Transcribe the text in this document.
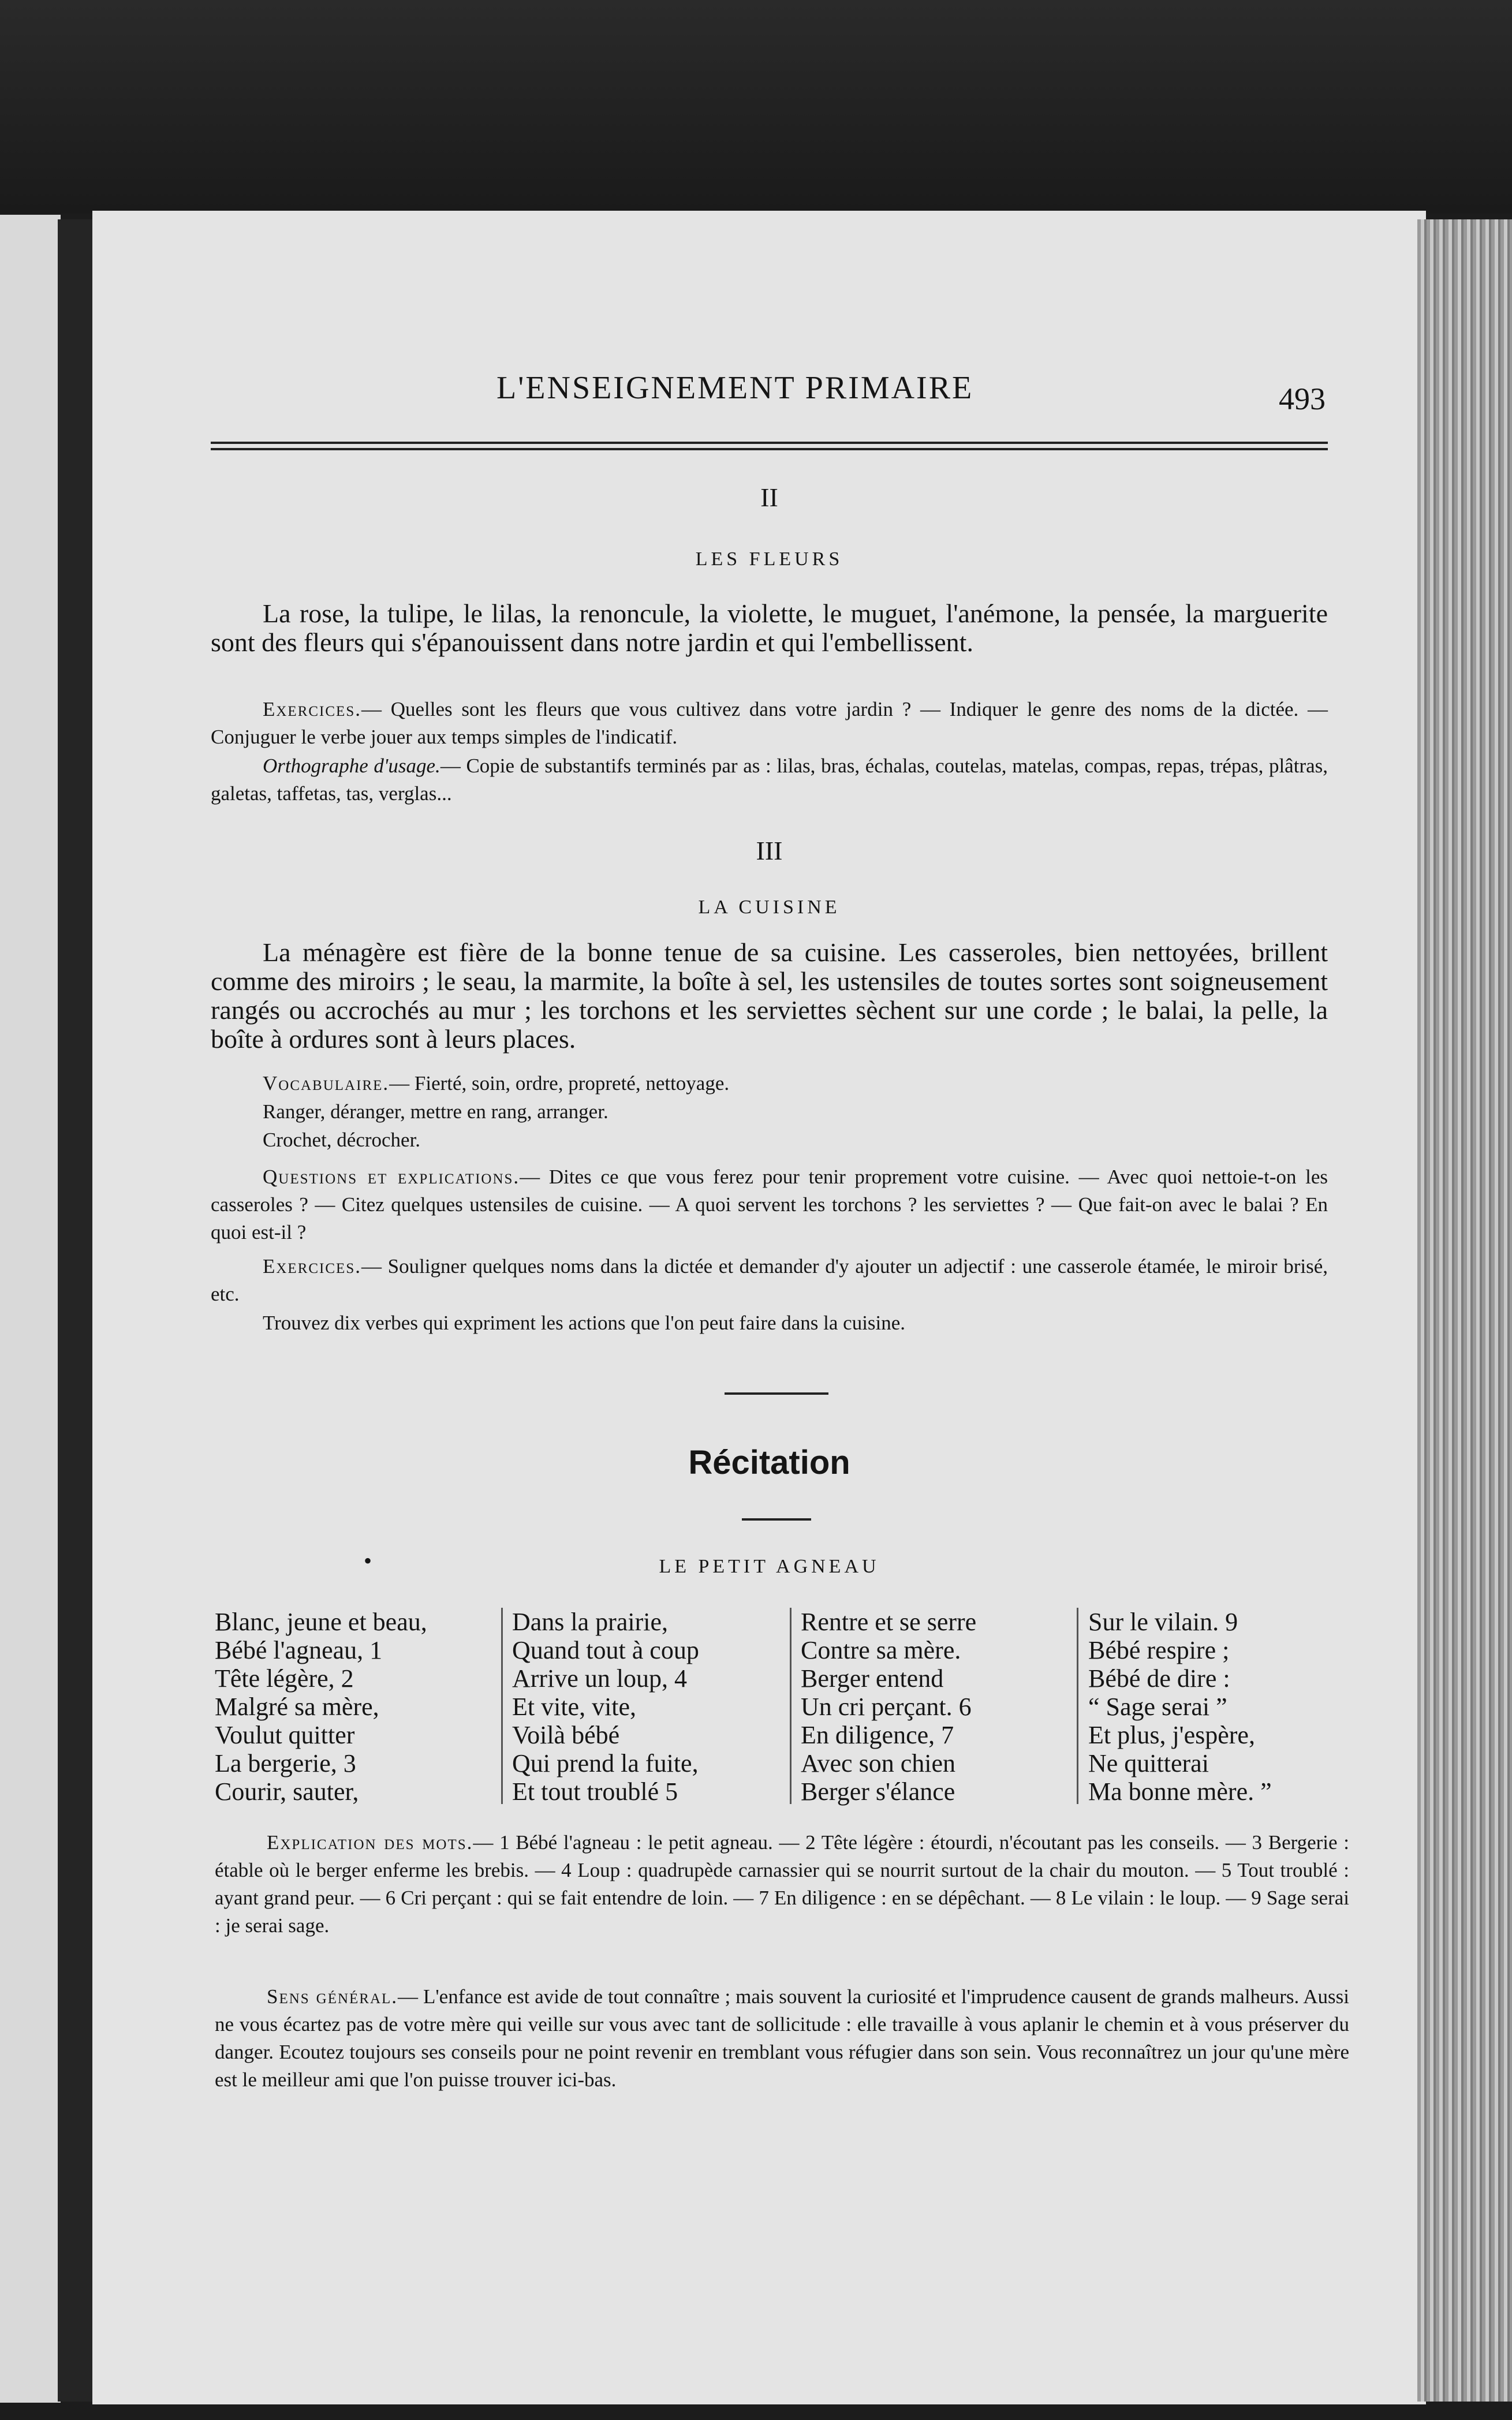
L'ENSEIGNEMENT PRIMAIRE	493
II
LES FLEURS
La rose, la tulipe, le lilas, la renoncule, la violette, le muguet, l'anémone, la pensée, la marguerite sont des fleurs qui s'épanouissent dans notre jardin et qui l'embellissent.
Exercices.— Quelles sont les fleurs que vous cultivez dans votre jardin ? — Indiquer le genre des noms de la dictée. — Conjuguer le verbe jouer aux temps simples de l'indicatif.
Orthographe d'usage.— Copie de substantifs terminés par as : lilas, bras, échalas, coutelas, matelas, compas, repas, trépas, plâtras, galetas, taffetas, tas, verglas...
III
LA CUISINE
La ménagère est fière de la bonne tenue de sa cuisine. Les casseroles, bien nettoyées, brillent comme des miroirs ; le seau, la marmite, la boîte à sel, les ustensiles de toutes sortes sont soigneusement rangés ou accrochés au mur ; les torchons et les serviettes sèchent sur une corde ; le balai, la pelle, la boîte à ordures sont à leurs places.
Vocabulaire.— Fierté, soin, ordre, propreté, nettoyage.
Ranger, déranger, mettre en rang, arranger.
Crochet, décrocher.
Questions et explications.— Dites ce que vous ferez pour tenir proprement votre cuisine. — Avec quoi nettoie-t-on les casseroles ? — Citez quelques ustensiles de cuisine. — A quoi servent les torchons ? les serviettes ? — Que fait-on avec le balai ? En quoi est-il ?
Exercices.— Souligner quelques noms dans la dictée et demander d'y ajouter un adjectif : une casserole étamée, le miroir brisé, etc.
Trouvez dix verbes qui expriment les actions que l'on peut faire dans la cuisine.
Récitation
•	LE PETIT AGNEAU
Blanc, jeune et beau,
Bébé l'agneau, 1
Tête légère, 2
Malgré sa mère,
Voulut quitter
La bergerie, 3
Courir, sauter,
Dans la prairie,
Quand tout à coup
Arrive un loup, 4
Et vite, vite,
Voilà bébé
Qui prend la fuite,
Et tout troublé 5
Rentre et se serre
Contre sa mère.
Berger entend
Un cri perçant. 6
En diligence, 7
Avec son chien
Berger s'élance
Sur le vilain. 9
Bébé respire ;
Bébé de dire :
“ Sage serai ”
Et plus, j'espère,
Ne quitterai
Ma bonne mère. ”
Explication des mots.— 1 Bébé l'agneau : le petit agneau. — 2 Tête légère : étourdi, n'écoutant pas les conseils. — 3 Bergerie : étable où le berger enferme les brebis. — 4 Loup : quadrupède carnassier qui se nourrit surtout de la chair du mouton. — 5 Tout troublé : ayant grand peur. — 6 Cri perçant : qui se fait entendre de loin. — 7 En diligence : en se dépêchant. — 8 Le vilain : le loup. — 9 Sage serai : je serai sage.
Sens général.— L'enfance est avide de tout connaître ; mais souvent la curiosité et l'imprudence causent de grands malheurs. Aussi ne vous écartez pas de votre mère qui veille sur vous avec tant de sollicitude : elle travaille à vous aplanir le chemin et à vous préserver du danger. Ecoutez toujours ses conseils pour ne point revenir en tremblant vous réfugier dans son sein. Vous reconnaîtrez un jour qu'une mère est le meilleur ami que l'on puisse trouver ici-bas.
